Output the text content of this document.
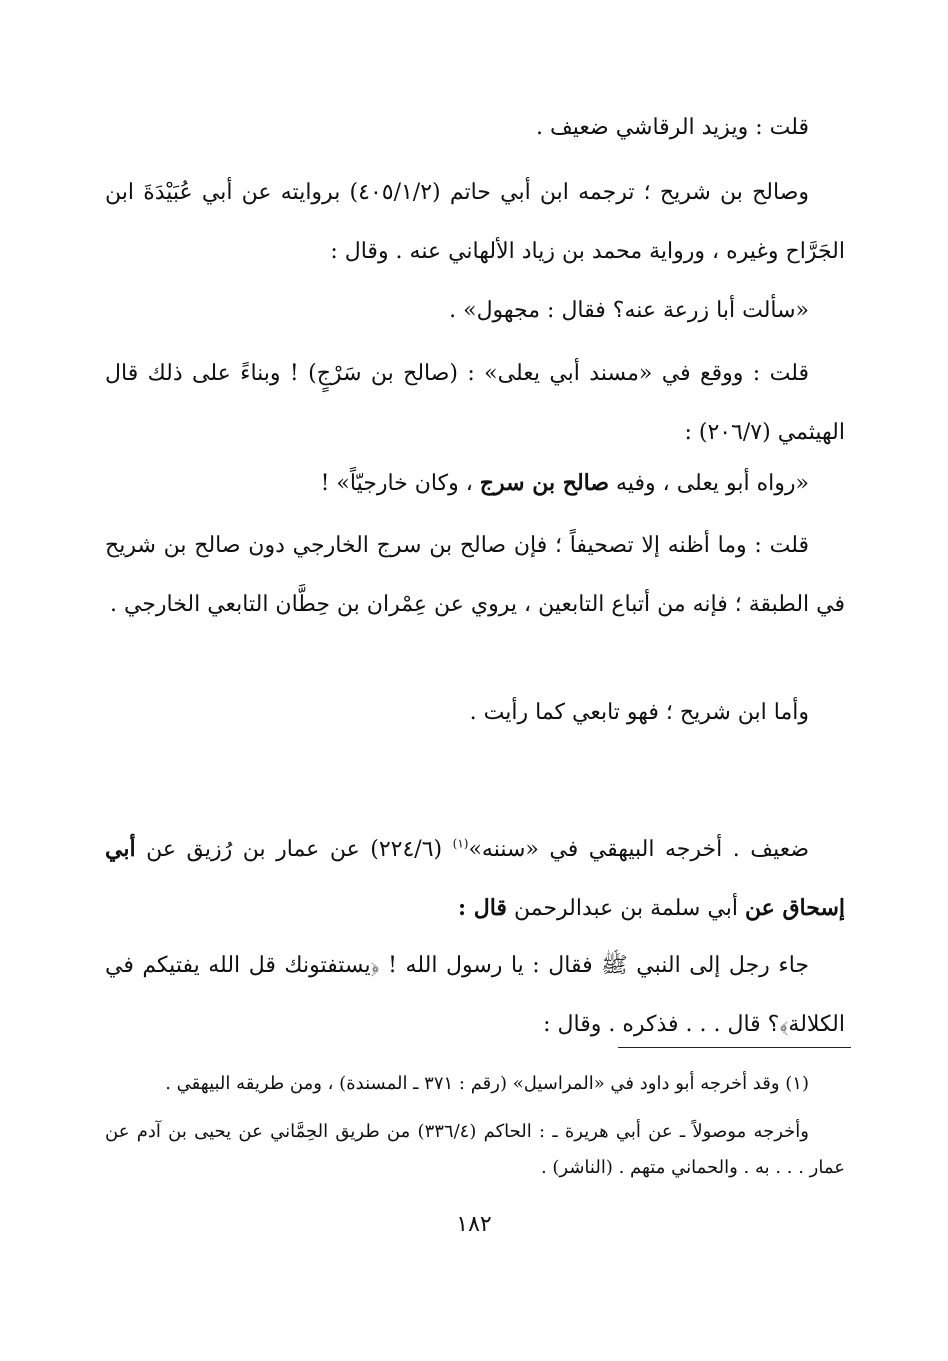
قلت : ويزيد الرقاشي ضعيف .

وصالح بن شريح ؛ ترجمه ابن أبي حاتم (٤٠٥/١/٢) بروايته عن أبي عُبَيْدَةَ ابن الجَرَّاح وغيره ، ورواية محمد بن زياد الألهاني عنه . وقال :

«سألت أبا زرعة عنه؟ فقال : مجهول» .

قلت : ووقع في «مسند أبي يعلى» : (صالح بن سَرْجٍ) ! وبناءً على ذلك قال الهيثمي (٢٠٦/٧) :

«رواه أبو يعلى ، وفيه صالح بن سرج ، وكان خارجيّاً» !

قلت : وما أظنه إلا تصحيفاً ؛ فإن صالح بن سرج الخارجي دون صالح بن شريح في الطبقة ؛ فإنه من أتباع التابعين ، يروي عن عِمْران بن حِطَّان التابعي الخارجي .

وأما ابن شريح ؛ فهو تابعي كما رأيت .

ضعيف . أخرجه البيهقي في «سننه»$^{(١)}$ (٢٢٤/٦) عن عمار بن رُزيق عن أبي إسحاق عن أبي سلمة بن عبدالرحمن قال :

جاء رجل إلى النبي ﷺ فقال : يا رسول الله ! ﴿يستفتونك قل الله يفتيكم في الكلالة﴾؟ قال . . . فذكره . وقال :

(١) وقد أخرجه أبو داود في «المراسيل» (رقم : ٣٧١ ـ المسندة) ، ومن طريقه البيهقي .

وأخرجه موصولاً ـ عن أبي هريرة ـ : الحاكم (٣٣٦/٤) من طريق الحِمَّاني عن يحيى بن آدم عن عمار . . . به . والحماني متهم . (الناشر) .

١٨٢
